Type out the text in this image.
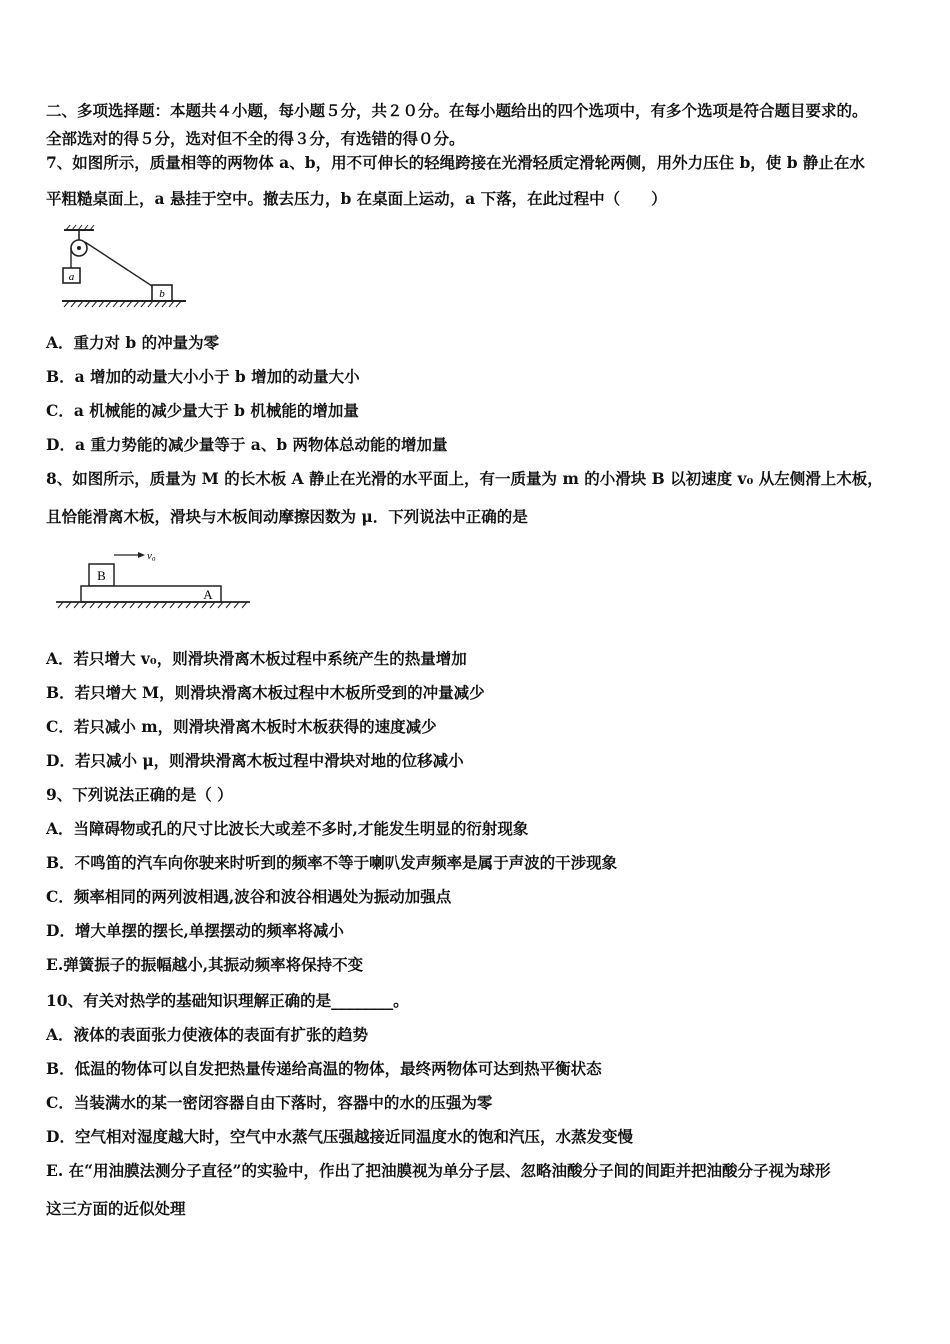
二、多项选择题：本题共４小题，每小题５分，共２０分。在每小题给出的四个选项中，有多个选项是符合题目要求的。
全部选对的得５分，选对但不全的得３分，有选错的得０分。
7、如图所示，质量相等的两物体 a、b，用不可伸长的轻绳跨接在光滑轻质定滑轮两侧，用外力压住 b，使 b 静止在水
平粗糙桌面上，a 悬挂于空中。撤去压力，b 在桌面上运动，a 下落，在此过程中（　　）
a
b
A．重力对 b 的冲量为零
B．a 增加的动量大小小于 b 增加的动量大小
C．a 机械能的减少量大于 b 机械能的增加量
D．a 重力势能的减少量等于 a、b 两物体总动能的增加量
8、如图所示，质量为 M 的长木板 A 静止在光滑的水平面上，有一质量为 m 的小滑块 B 以初速度 v₀ 从左侧滑上木板，
且恰能滑离木板，滑块与木板间动摩擦因数为 μ．下列说法中正确的是
v₀
B
A
A．若只增大 v₀，则滑块滑离木板过程中系统产生的热量增加
B．若只增大 M，则滑块滑离木板过程中木板所受到的冲量减少
C．若只减小 m，则滑块滑离木板时木板获得的速度减少
D．若只减小 μ，则滑块滑离木板过程中滑块对地的位移减小
9、下列说法正确的是（ ）
A．当障碍物或孔的尺寸比波长大或差不多时,才能发生明显的衍射现象
B．不鸣笛的汽车向你驶来时听到的频率不等于喇叭发声频率是属于声波的干涉现象
C．频率相同的两列波相遇,波谷和波谷相遇处为振动加强点
D．增大单摆的摆长,单摆摆动的频率将减小
E.弹簧振子的振幅越小,其振动频率将保持不变
10、有关对热学的基础知识理解正确的是________。
A．液体的表面张力使液体的表面有扩张的趋势
B．低温的物体可以自发把热量传递给高温的物体，最终两物体可达到热平衡状态
C．当装满水的某一密闭容器自由下落时，容器中的水的压强为零
D．空气相对湿度越大时，空气中水蒸气压强越接近同温度水的饱和汽压，水蒸发变慢
E. 在“用油膜法测分子直径”的实验中，作出了把油膜视为单分子层、忽略油酸分子间的间距并把油酸分子视为球形
这三方面的近似处理
